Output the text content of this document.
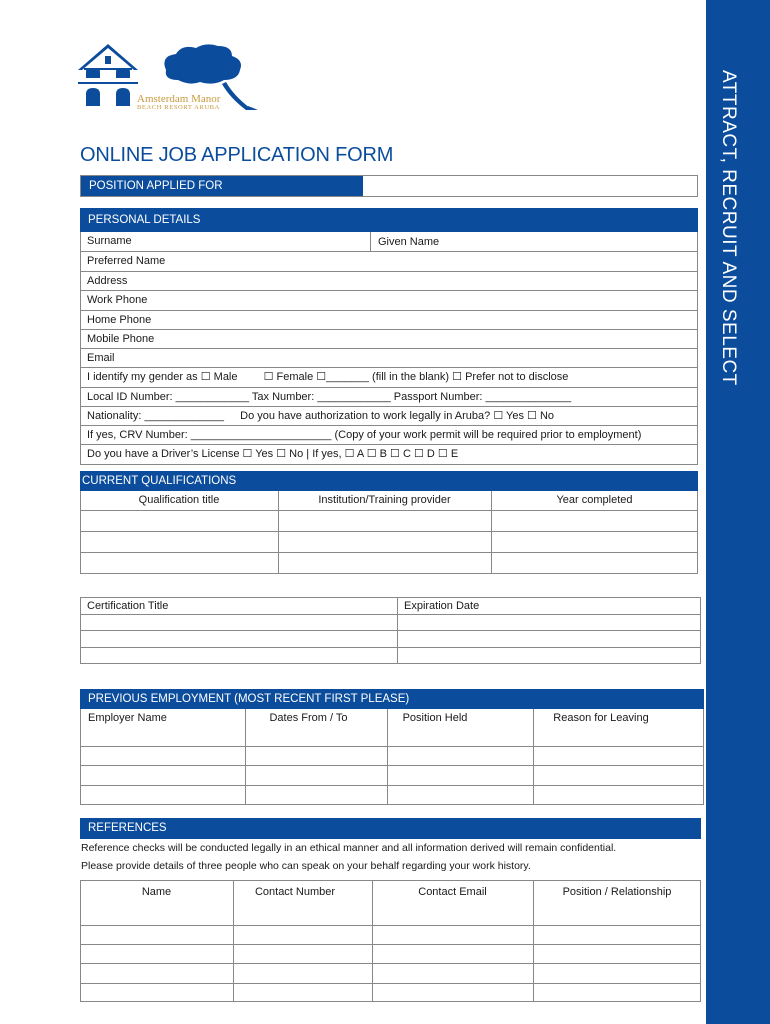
ATTRACT, RECRUIT AND SELECT
Amsterdam Manor
BEACH RESORT ARUBA
ONLINE JOB APPLICATION FORM
POSITION APPLIED FOR
PERSONAL DETAILS
Surname	Given Name
Preferred Name
Address
Work Phone
Home Phone
Mobile Phone
Email
I identify my gender as ☐ Male ☐ Female ☐_______ (fill in the blank) ☐ Prefer not to disclose
Local ID Number: ____________ Tax Number: ____________ Passport Number: ______________
Nationality: _____________ Do you have authorization to work legally in Aruba? ☐ Yes ☐ No
If yes, CRV Number: _______________________ (Copy of your work permit will be required prior to employment)
Do you have a Driver’s License ☐ Yes ☐ No | If yes, ☐ A ☐ B ☐ C ☐ D ☐ E
CURRENT QUALIFICATIONS
Qualification title	Institution/Training provider	Year completed
Certification Title	Expiration Date
PREVIOUS EMPLOYMENT (MOST RECENT FIRST PLEASE)
Employer Name	Dates From / To	Position Held	Reason for Leaving
REFERENCES
Reference checks will be conducted legally in an ethical manner and all information derived will remain confidential.
Please provide details of three people who can speak on your behalf regarding your work history.
Name	Contact Number	Contact Email	Position / Relationship
